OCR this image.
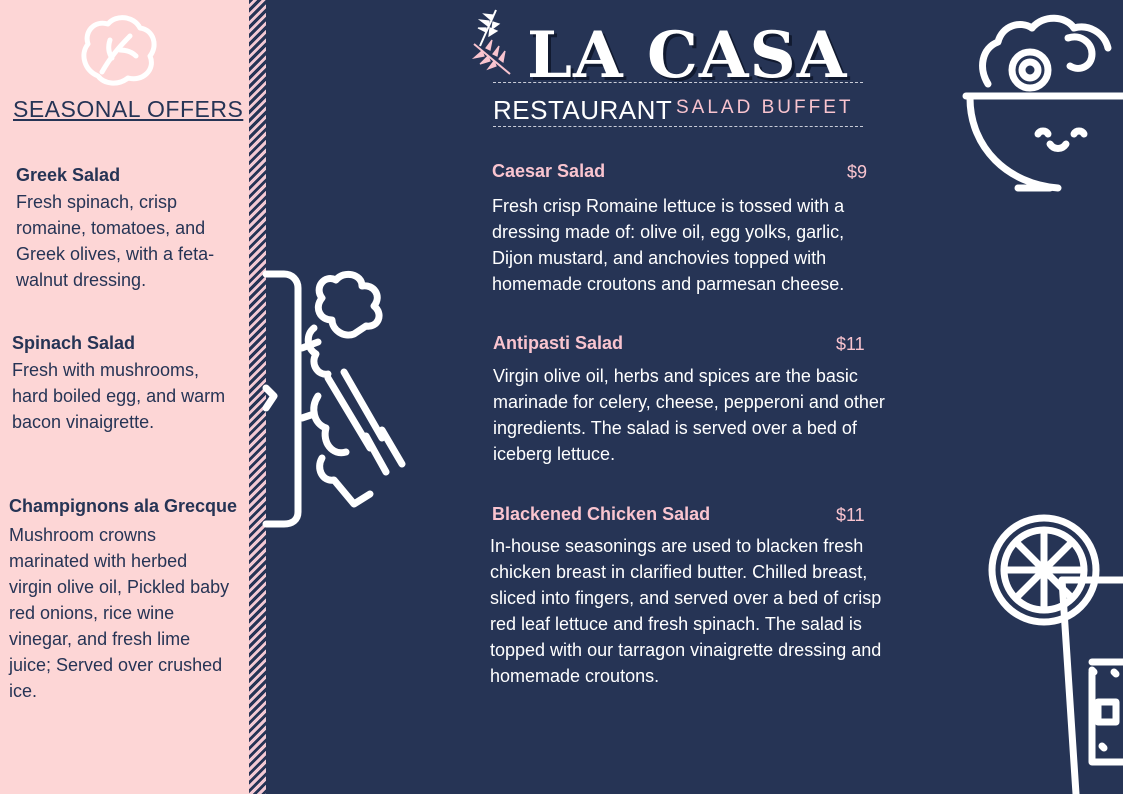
SEASONAL OFFERS
Greek Salad
Fresh spinach, crisp romaine, tomatoes, and Greek olives, with a feta-walnut dressing.
Spinach Salad
Fresh with mushrooms, hard boiled egg, and warm bacon vinaigrette.
Champignons ala Grecque
Mushroom crowns marinated with herbed virgin olive oil, Pickled baby red onions, rice wine vinegar, and fresh lime juice; Served over crushed ice.
LA CASA
RESTAURANT SALAD BUFFET
Caesar Salad	$9
Fresh crisp Romaine lettuce is tossed with a dressing made of: olive oil, egg yolks, garlic, Dijon mustard, and anchovies topped with homemade croutons and parmesan cheese.
Antipasti Salad	$11
Virgin olive oil, herbs and spices are the basic marinade for celery, cheese, pepperoni and other ingredients. The salad is served over a bed of iceberg lettuce.
Blackened Chicken Salad	$11
In-house seasonings are used to blacken fresh chicken breast in clarified butter. Chilled breast, sliced into fingers, and served over a bed of crisp red leaf lettuce and fresh spinach. The salad is topped with our tarragon vinaigrette dressing and homemade croutons.
